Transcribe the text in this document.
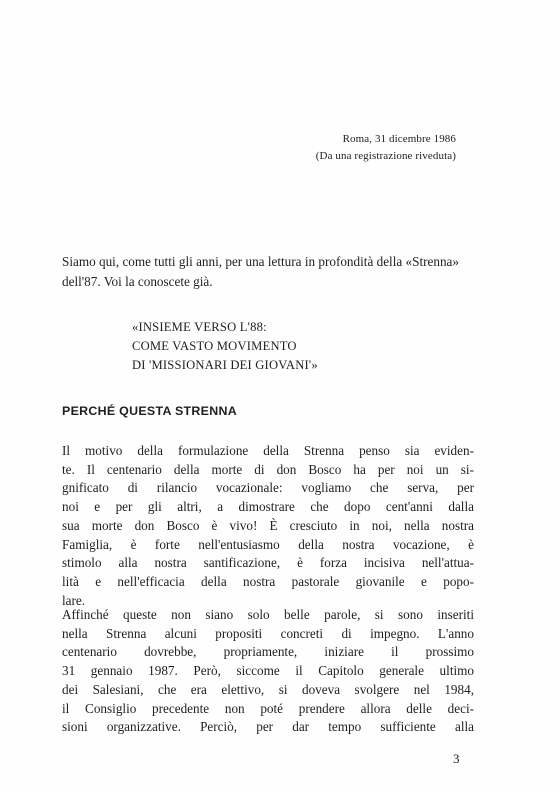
Roma, 31 dicembre 1986
(Da una registrazione riveduta)

Siamo qui, come tutti gli anni, per una lettura in profondità della «Strenna» dell'87. Voi la conoscete già.

«INSIEME VERSO L'88:
COME VASTO MOVIMENTO
DI 'MISSIONARI DEI GIOVANI'»
PERCHÉ QUESTA STRENNA
Il motivo della formulazione della Strenna penso sia eviden-
te. Il centenario della morte di don Bosco ha per noi un si-
gnificato di rilancio vocazionale: vogliamo che serva, per
noi e per gli altri, a dimostrare che dopo cent'anni dalla
sua morte don Bosco è vivo! È cresciuto in noi, nella nostra
Famiglia, è forte nell'entusiasmo della nostra vocazione, è
stimolo alla nostra santificazione, è forza incisiva nell'attua-
lità e nell'efficacia della nostra pastorale giovanile e popo-
lare.
Affinché queste non siano solo belle parole, si sono inseriti
nella Strenna alcuni propositi concreti di impegno. L'anno
centenario dovrebbe, propriamente, iniziare il prossimo
31 gennaio 1987. Però, siccome il Capitolo generale ultimo
dei Salesiani, che era elettivo, si doveva svolgere nel 1984,
il Consiglio precedente non poté prendere allora delle deci-
sioni organizzative. Perciò, per dar tempo sufficiente alla
3
